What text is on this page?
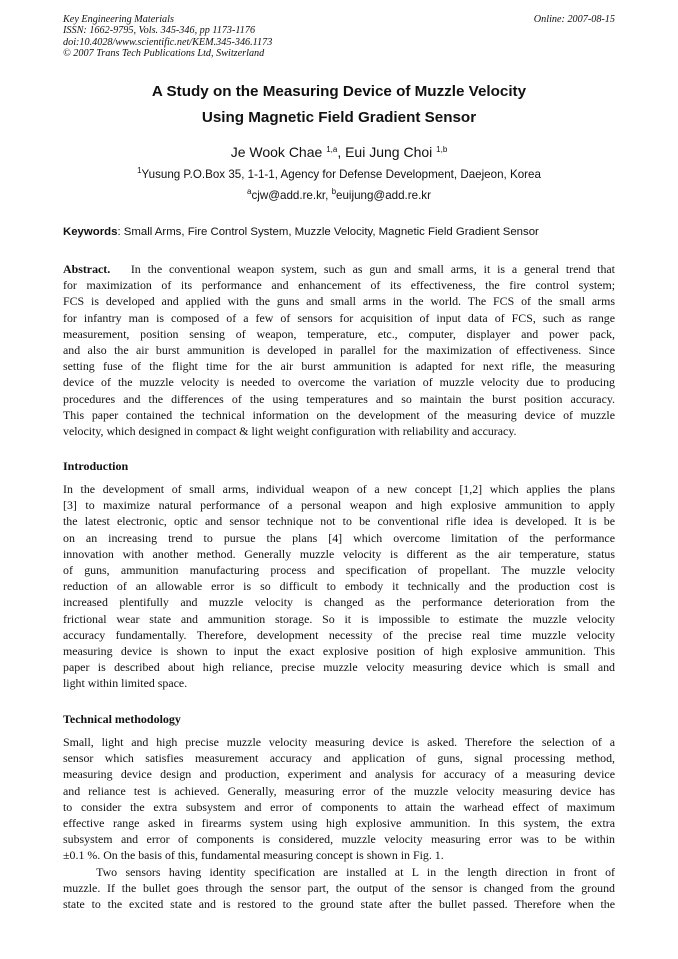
Key Engineering Materials
ISSN: 1662-9795, Vols. 345-346, pp 1173-1176
doi:10.4028/www.scientific.net/KEM.345-346.1173
© 2007 Trans Tech Publications Ltd, Switzerland
Online: 2007-08-15
A Study on the Measuring Device of Muzzle Velocity
Using Magnetic Field Gradient Sensor
Je Wook Chae $^{1,a}$, Eui Jung Choi $^{1,b}$
$^1$Yusung P.O.Box 35, 1-1-1, Agency for Defense Development, Daejeon, Korea
$^a$cjw@add.re.kr, $^b$euijung@add.re.kr
Keywords: Small Arms, Fire Control System, Muzzle Velocity, Magnetic Field Gradient Sensor
Abstract. In the conventional weapon system, such as gun and small arms, it is a general trend that
for maximization of its performance and enhancement of its effectiveness, the fire control system;
FCS is developed and applied with the guns and small arms in the world. The FCS of the small arms
for infantry man is composed of a few of sensors for acquisition of input data of FCS, such as range
measurement, position sensing of weapon, temperature, etc., computer, displayer and power pack,
and also the air burst ammunition is developed in parallel for the maximization of effectiveness. Since
setting fuse of the flight time for the air burst ammunition is adapted for next rifle, the measuring
device of the muzzle velocity is needed to overcome the variation of muzzle velocity due to producing
procedures and the differences of the using temperatures and so maintain the burst position accuracy.
This paper contained the technical information on the development of the measuring device of muzzle
velocity, which designed in compact & light weight configuration with reliability and accuracy.
Introduction
In the development of small arms, individual weapon of a new concept [1,2] which applies the plans
[3] to maximize natural performance of a personal weapon and high explosive ammunition to apply
the latest electronic, optic and sensor technique not to be conventional rifle idea is developed. It is be
on an increasing trend to pursue the plans [4] which overcome limitation of the performance
innovation with another method. Generally muzzle velocity is different as the air temperature, status
of guns, ammunition manufacturing process and specification of propellant. The muzzle velocity
reduction of an allowable error is so difficult to embody it technically and the production cost is
increased plentifully and muzzle velocity is changed as the performance deterioration from the
frictional wear state and ammunition storage. So it is impossible to estimate the muzzle velocity
accuracy fundamentally. Therefore, development necessity of the precise real time muzzle velocity
measuring device is shown to input the exact explosive position of high explosive ammunition. This
paper is described about high reliance, precise muzzle velocity measuring device which is small and
light within limited space.
Technical methodology
Small, light and high precise muzzle velocity measuring device is asked. Therefore the selection of a
sensor which satisfies measurement accuracy and application of guns, signal processing method,
measuring device design and production, experiment and analysis for accuracy of a measuring device
and reliance test is achieved. Generally, measuring error of the muzzle velocity measuring device has
to consider the extra subsystem and error of components to attain the warhead effect of maximum
effective range asked in firearms system using high explosive ammunition. In this system, the extra
subsystem and error of components is considered, muzzle velocity measuring error was to be within
±0.1 %. On the basis of this, fundamental measuring concept is shown in Fig. 1.
Two sensors having identity specification are installed at L in the length direction in front of
muzzle. If the bullet goes through the sensor part, the output of the sensor is changed from the ground
state to the excited state and is restored to the ground state after the bullet passed. Therefore when the
